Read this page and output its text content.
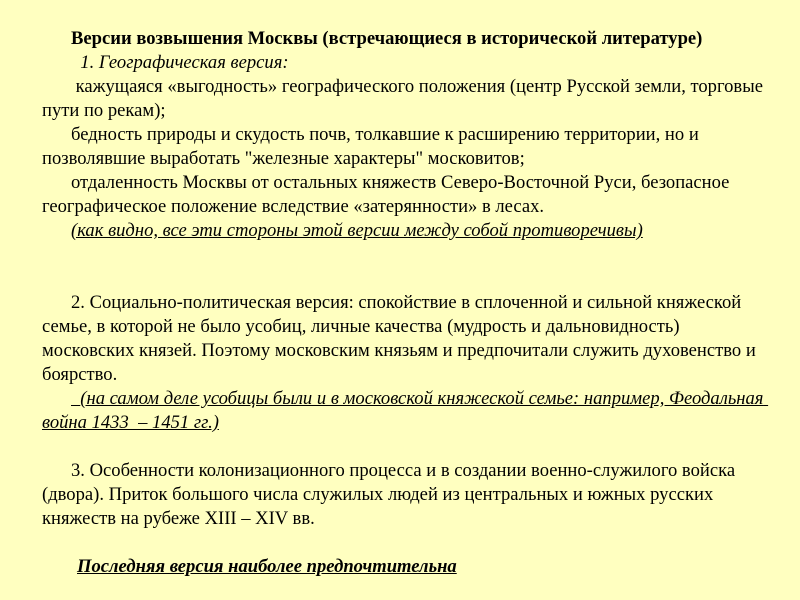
Версии возвышения Москвы (встречающиеся в исторической литературе)

1. Географическая версия:

кажущаяся «выгодность» географического положения (центр Русской земли, торговые пути по рекам);

бедность природы и скудость почв, толкавшие к расширению территории, но и позволявшие выработать "железные характеры" московитов;

отдаленность Москвы от остальных княжеств Северо-Восточной Руси, безопасное географическое положение вследствие «затерянности» в лесах.

(как видно, все эти стороны этой версии между собой противоречивы)

2. Социально-политическая версия: спокойствие в сплоченной и сильной княжеской семье, в которой не было усобиц, личные качества (мудрость и дальновидность) московских князей. Поэтому московским князьям и предпочитали служить духовенство и боярство.

(на самом деле усобицы были и в московской княжеской семье: например, Феодальная война 1433  – 1451 гг.)

3. Особенности колонизационного процесса и в создании военно-служилого войска (двора). Приток большого числа служилых людей из центральных и южных русских княжеств на рубеже XIII – XIV вв.

Последняя версия наиболее предпочтительна
